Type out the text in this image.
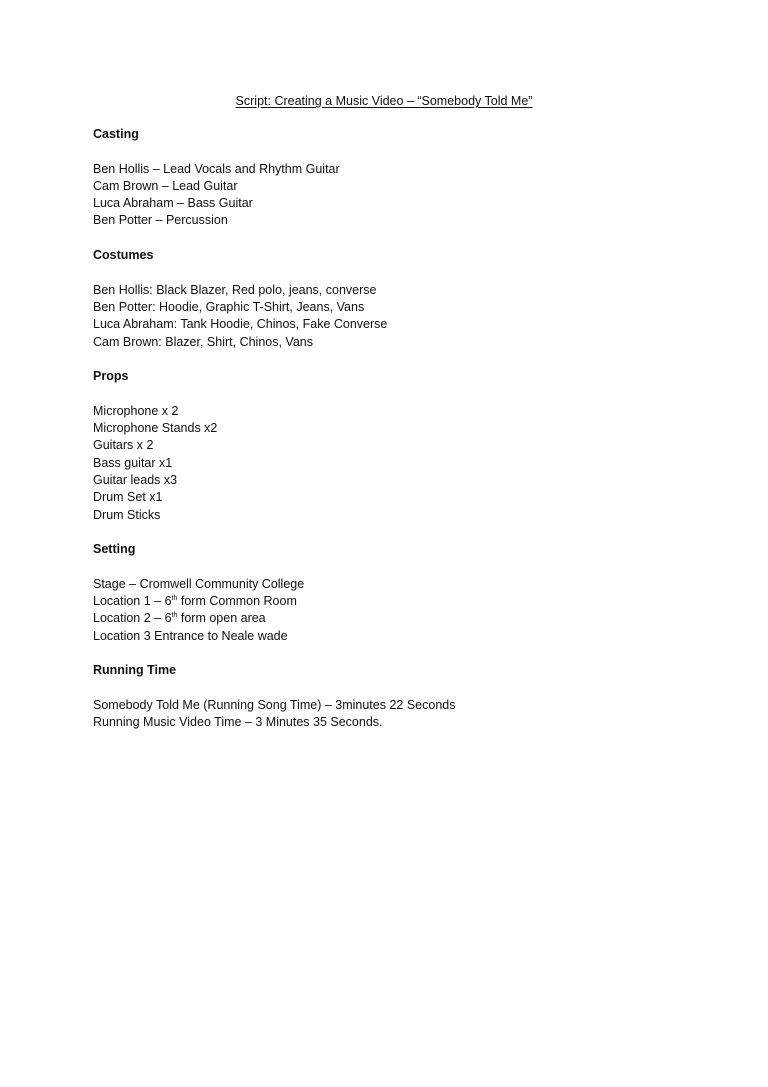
Script: Creating a Music Video – “Somebody Told Me”
Casting
Ben Hollis – Lead Vocals and Rhythm Guitar
Cam Brown – Lead Guitar
Luca Abraham – Bass Guitar
Ben Potter – Percussion
Costumes
Ben Hollis: Black Blazer, Red polo, jeans, converse
Ben Potter: Hoodie, Graphic T-Shirt, Jeans, Vans
Luca Abraham: Tank Hoodie, Chinos, Fake Converse
Cam Brown: Blazer, Shirt, Chinos, Vans
Props
Microphone x 2
Microphone Stands x2
Guitars x 2
Bass guitar x1
Guitar leads x3
Drum Set x1
Drum Sticks
Setting
Stage – Cromwell Community College
Location 1 – 6th form Common Room
Location 2 – 6th form open area
Location 3 Entrance to Neale wade
Running Time
Somebody Told Me (Running Song Time) – 3minutes 22 Seconds
Running Music Video Time – 3 Minutes 35 Seconds.
